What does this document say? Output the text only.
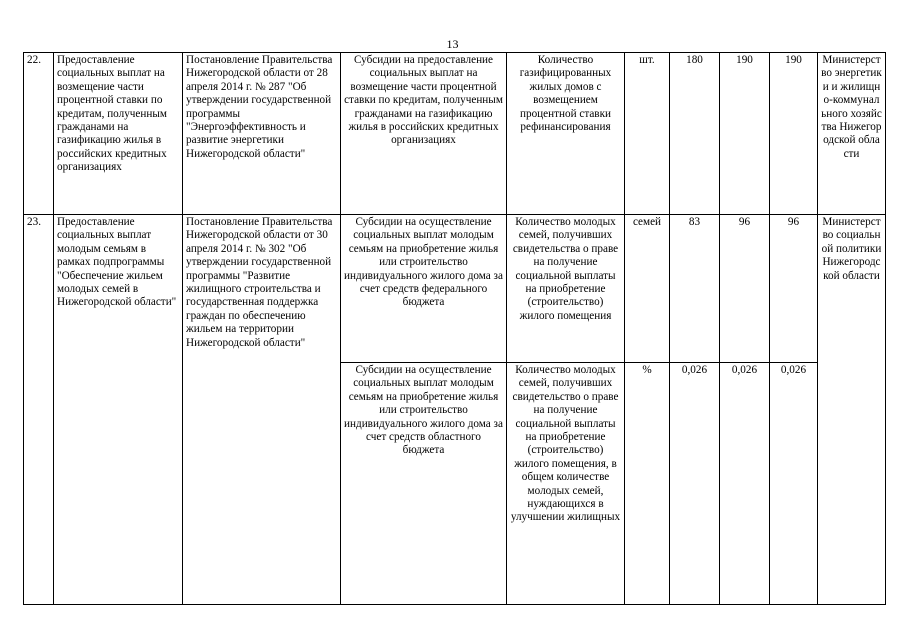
13
22.	Предоставление социальных выплат на возмещение части процентной ставки по кредитам, полученным гражданами на газификацию жилья в российских кредитных организациях	Постановление Правительства Нижегородской области от 28 апреля 2014 г. № 287 "Об утверждении государственной программы "Энергоэффективность и развитие энергетики Нижегородской области"	Субсидии на предоставление социальных выплат на возмещение части процентной ставки по кредитам, полученным гражданами на газификацию жилья в российских кредитных организациях	Количество газифицированных жилых домов с возмещением процентной ставки рефинансирования	шт.	180	190	190	Министерство энергетики и жилищно-коммунального хозяйства Нижегородской области
23.	Предоставление социальных выплат молодым семьям в рамках подпрограммы "Обеспечение жильем молодых семей в Нижегородской области"	Постановление Правительства Нижегородской области от 30 апреля 2014 г. № 302 "Об утверждении государственной программы "Развитие жилищного строительства и государственная поддержка граждан по обеспечению жильем на территории Нижегородской области"	Субсидии на осуществление социальных выплат молодым семьям на приобретение жилья или строительство индивидуального жилого дома за счет средств федерального бюджета	Количество молодых семей, получивших свидетельства о праве на получение социальной выплаты на приобретение (строительство) жилого помещения	семей	83	96	96	Министерство социальной политики Нижегородской области
			Субсидии на осуществление социальных выплат молодым семьям на приобретение жилья или строительство индивидуального жилого дома за счет средств областного бюджета	Количество молодых семей, получивших свидетельство о праве на получение социальной выплаты на приобретение (строительство) жилого помещения, в общем количестве молодых семей, нуждающихся в улучшении жилищных	%	0,026	0,026	0,026	
